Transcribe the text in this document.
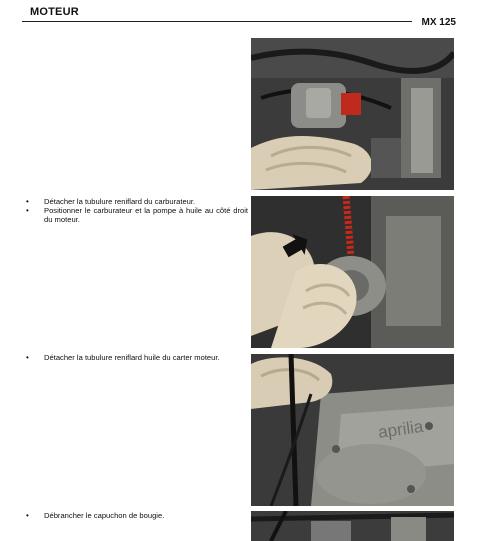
MOTEUR
MX 125
•	Détacher la tubulure reniflard du carburateur.
•	Positionner le carburateur et la pompe à huile au côté droit du moteur.
•	Détacher la tubulure reniflard huile du carter moteur.
•	Débrancher le capuchon de bougie.
aprilia
